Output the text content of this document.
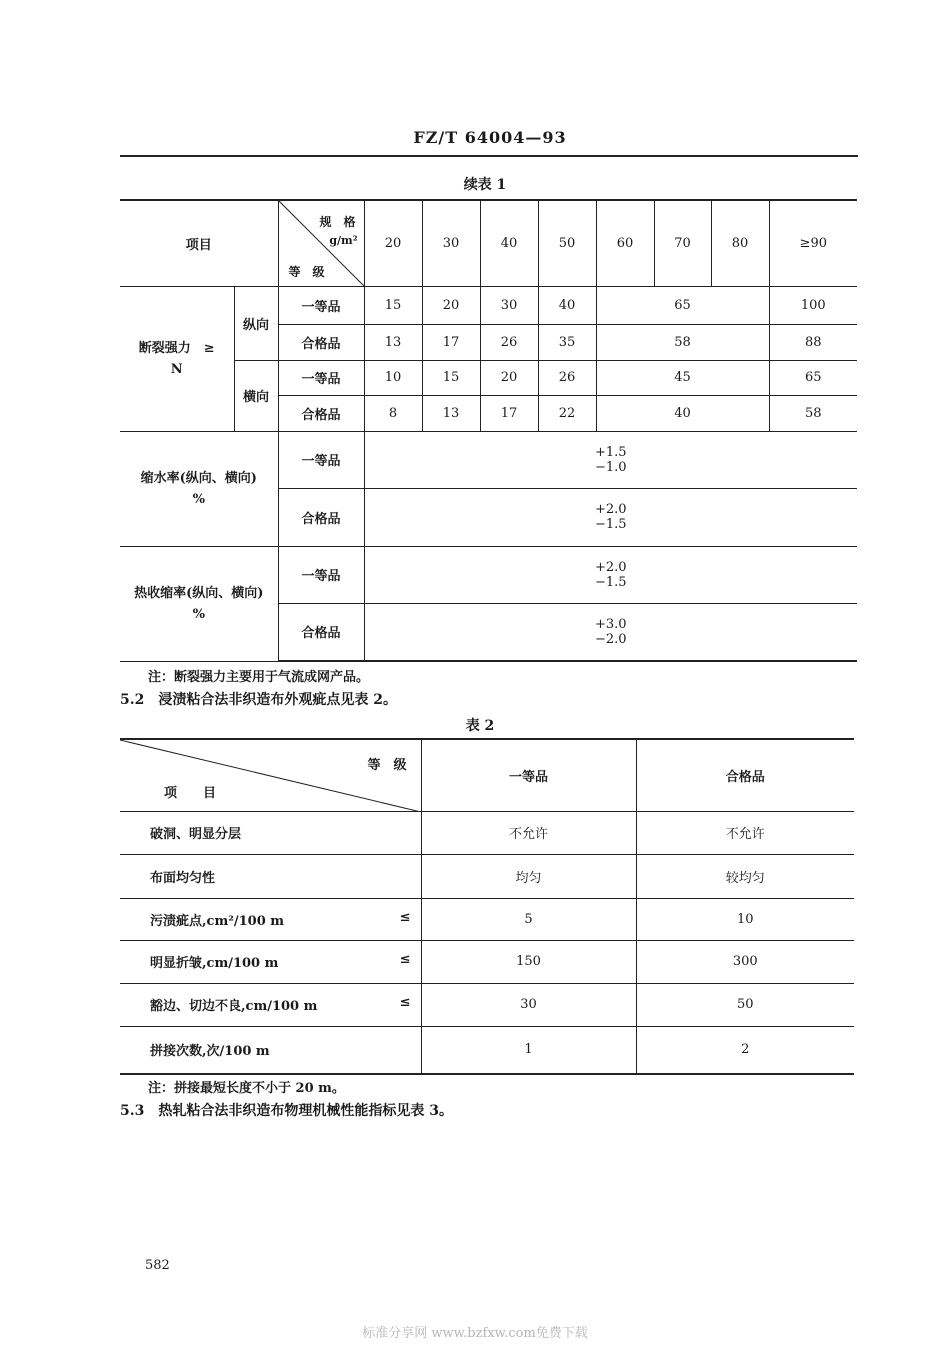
FZ/T 64004—93
续表 1
项目		规　格
g/m²
等　级	20	30	40	50	60	70	80	≥90

断裂强力　≥
N	纵向	一等品	15	20	30	40	65			100
		合格品	13	17	26	35	58			88
	横向	一等品	10	15	20	26	45			65
		合格品	8	13	17	22	40			58

缩水率(纵向、横向)
%		一等品	+1.5
−1.0							

		合格品	+2.0
−1.5							

热收缩率(纵向、横向)
%		一等品	+2.0
−1.5							

		合格品	+3.0
−2.0							
注：断裂强力主要用于气流成网产品。
5.2　浸渍粘合法非织造布外观疵点见表 2。
表 2
等　级
项　　目	一等品	合格品
破洞、明显分层	不允许	不允许
布面均匀性	均匀	较均匀
污渍疵点,cm²/100 m ≤	5	10
明显折皱,cm/100 m ≤	150	300
豁边、切边不良,cm/100 m ≤	30	50
拼接次数,次/100 m	1	2
注：拼接最短长度不小于 20 m。
5.3　热轧粘合法非织造布物理机械性能指标见表 3。
582
标准分享网 www.bzfxw.com免费下载
